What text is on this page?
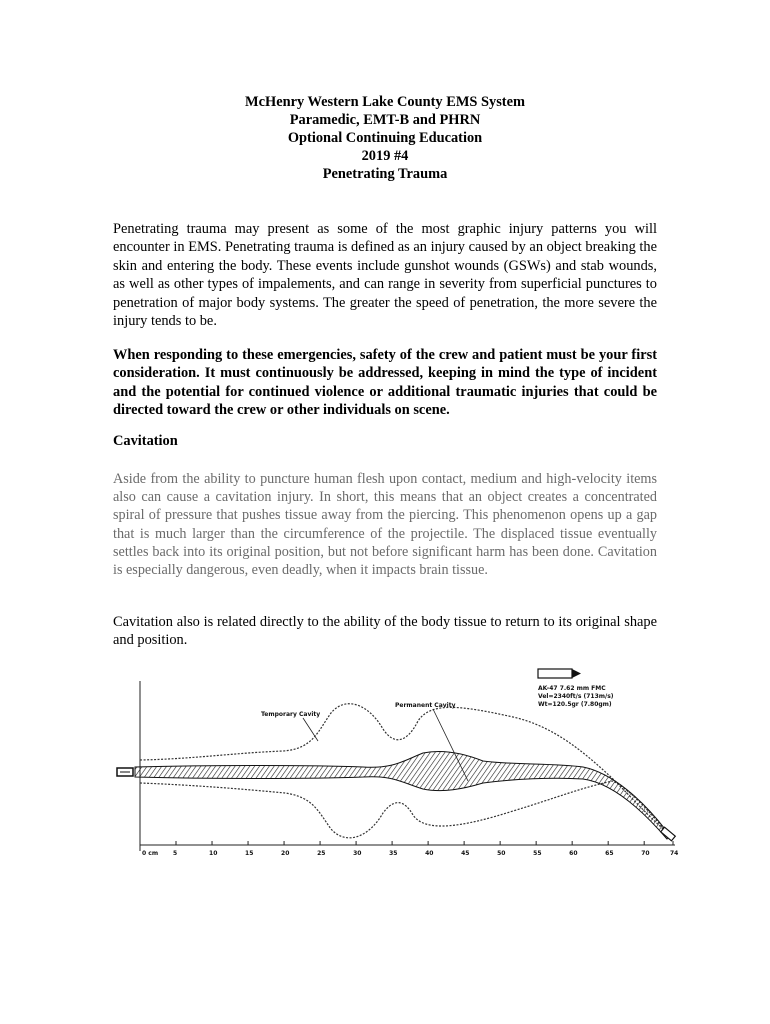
McHenry Western Lake County EMS System
Paramedic, EMT-B and PHRN
Optional Continuing Education
2019 #4
Penetrating Trauma

Penetrating trauma may present as some of the most graphic injury patterns you will encounter in EMS. Penetrating trauma is defined as an injury caused by an object breaking the skin and entering the body. These events include gunshot wounds (GSWs) and stab wounds, as well as other types of impalements, and can range in severity from superficial punctures to penetration of major body systems. The greater the speed of penetration, the more severe the injury tends to be.

When responding to these emergencies, safety of the crew and patient must be your first consideration. It must continuously be addressed, keeping in mind the type of incident and the potential for continued violence or additional traumatic injuries that could be directed toward the crew or other individuals on scene.

Cavitation

Aside from the ability to puncture human flesh upon contact, medium and high-velocity items also can cause a cavitation injury. In short, this means that an object creates a concentrated spiral of pressure that pushes tissue away from the piercing. This phenomenon opens up a gap that is much larger than the circumference of the projectile. The displaced tissue eventually settles back into its original position, but not before significant harm has been done. Cavitation is especially dangerous, even deadly, when it impacts brain tissue.

Cavitation also is related directly to the ability of the body tissue to return to its original shape and position.

Temporary Cavity
Permanent Cavity
AK-47 7.62 mm FMC
Vel=2340ft/s (713m/s)
Wt=120.5gr (7.80gm)
0 cm 5	10	15	20	25	30	35	40	45	50	55	60	65	70	74
